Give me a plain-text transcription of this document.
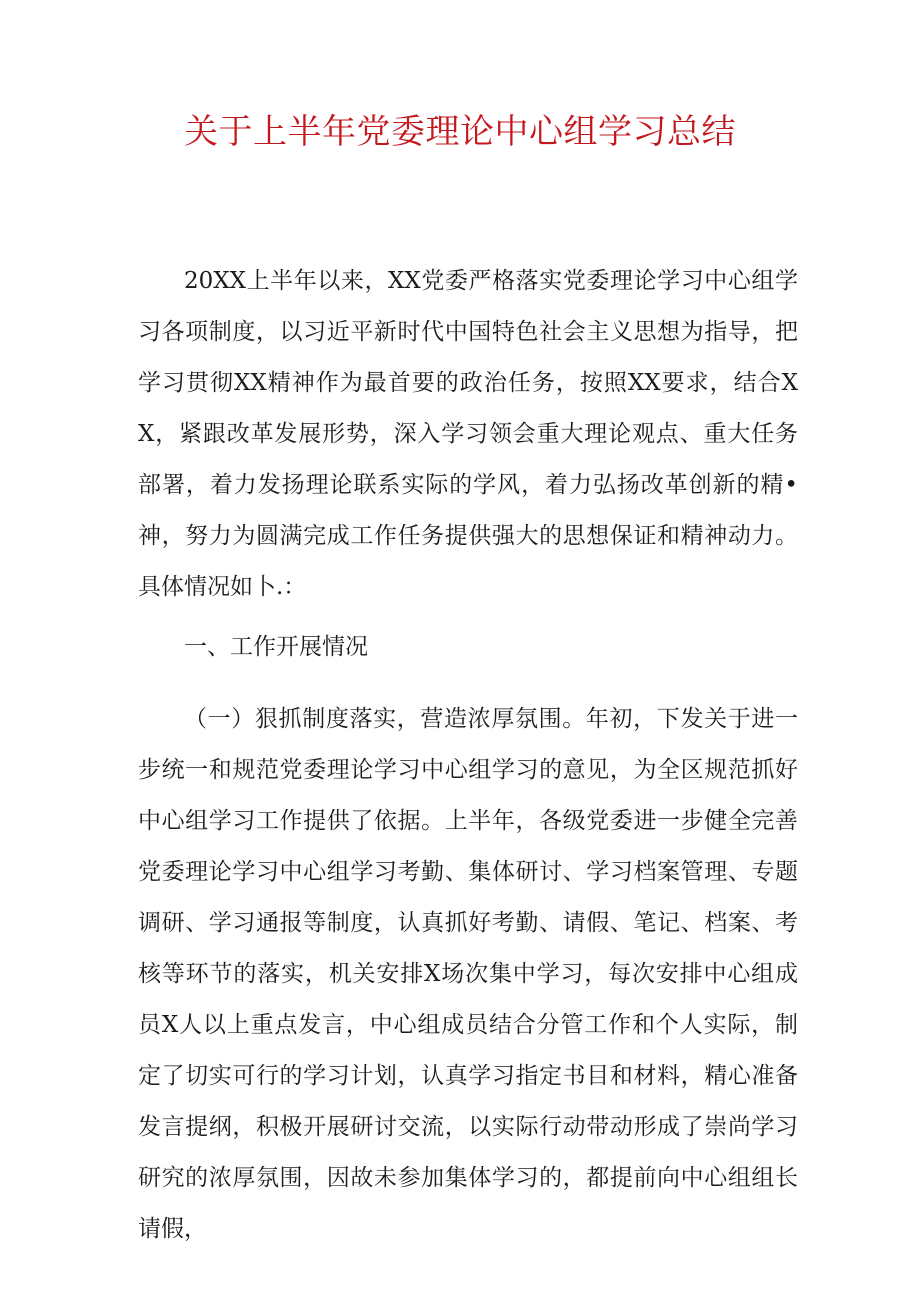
关于上半年党委理论中心组学习总结

20XX上半年以来，XX党委严格落实党委理论学习中心组学习各项制度，以习近平新时代中国特色社会主义思想为指导，把学习贯彻XX精神作为最首要的政治任务，按照XX要求，结合XX，紧跟改革发展形势，深入学习领会重大理论观点、重大任务部署，着力发扬理论联系实际的学风，着力弘扬改革创新的精•神，努力为圆满完成工作任务提供强大的思想保证和精神动力。具体情况如卜.：

一、工作开展情况

（一）狠抓制度落实，营造浓厚氛围。年初，下发关于进一步统一和规范党委理论学习中心组学习的意见，为全区规范抓好中心组学习工作提供了依据。上半年，各级党委进一步健全完善党委理论学习中心组学习考勤、集体研讨、学习档案管理、专题调研、学习通报等制度，认真抓好考勤、请假、笔记、档案、考核等环节的落实，机关安排X场次集中学习，每次安排中心组成员X人以上重点发言，中心组成员结合分管工作和个人实际，制定了切实可行的学习计划，认真学习指定书目和材料，精心准备发言提纲，积极开展研讨交流，以实际行动带动形成了崇尚学习研究的浓厚氛围，因故未参加集体学习的，都提前向中心组组长请假，
